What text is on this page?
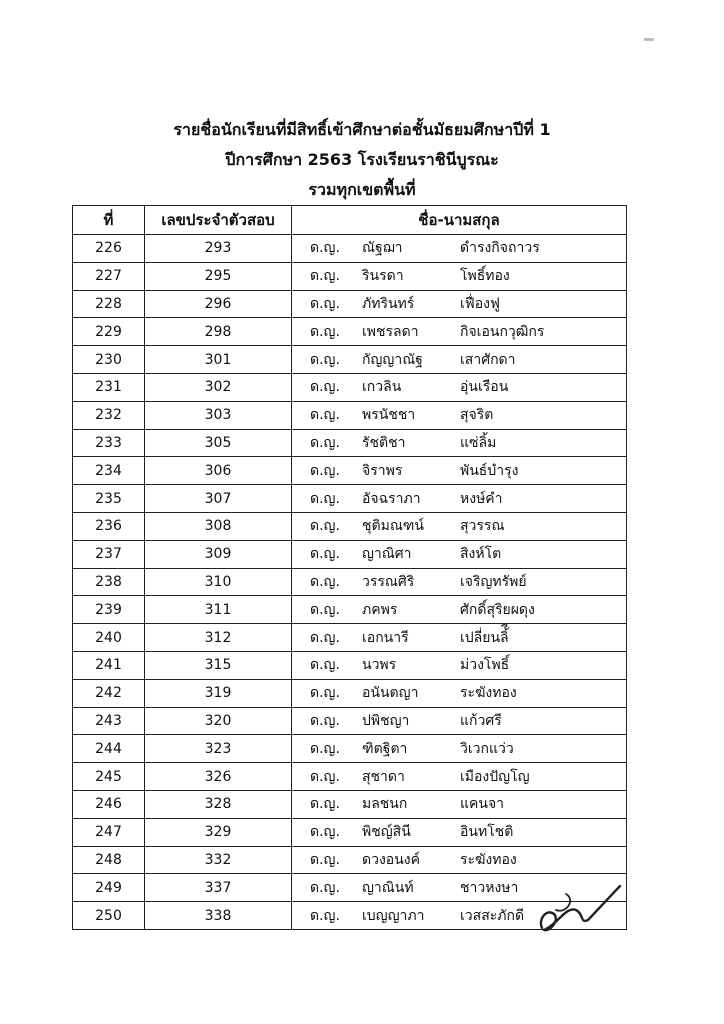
รายชื่อนักเรียนที่มีสิทธิ์เข้าศึกษาต่อชั้นมัธยมศึกษาปีที่ 1
ปีการศึกษา 2563 โรงเรียนราชินีบูรณะ
รวมทุกเขตพื้นที่
ที่	เลขประจำตัวสอบ	ชื่อ-นามสกุล
226	293	ด.ญ. ณัฐฌา ดำรงกิจถาวร
227	295	ด.ญ. รินรดา โพธิ์ทอง
228	296	ด.ญ. ภัทรินทร์ เฟื่องฟู
229	298	ด.ญ. เพชรลดา กิจเอนกวุฒิกร
230	301	ด.ญ. กัญญาณัฐ เสาศักดา
231	302	ด.ญ. เกวลิน อุ่นเรือน
232	303	ด.ญ. พรนัชชา สุจริต
233	305	ด.ญ. รัชติชา แซ่ลิ้ม
234	306	ด.ญ. จิราพร พันธ์บำรุง
235	307	ด.ญ. อัจฉราภา หงษ์คำ
236	308	ด.ญ. ชุติมณฑน์ สุวรรณ
237	309	ด.ญ. ญาณิศา สิงห์โต
238	310	ด.ญ. วรรณศิริ เจริญทรัพย์
239	311	ด.ญ. ภคพร ศักดิ์สุริยผดุง
240	312	ด.ญ. เอกนารี เปลี่ยนลิ้ี
241	315	ด.ญ. นวพร ม่วงโพธิ์
242	319	ด.ญ. อนันตญา ระฆังทอง
243	320	ด.ญ. ปพิชญา แก้วศรี
244	323	ด.ญ. ฑิตฐิตา วิเวกแว่ว
245	326	ด.ญ. สุชาดา เมืองปัญโญ
246	328	ด.ญ. มลชนก แคนจา
247	329	ด.ญ. พิชญ์สินี อินทโชติ
248	332	ด.ญ. ดวงอนงค์ ระฆังทอง
249	337	ด.ญ. ญาณินท์ ชาวหงษา
250	338	ด.ญ. เบญญาภา เวสสะภักดี
